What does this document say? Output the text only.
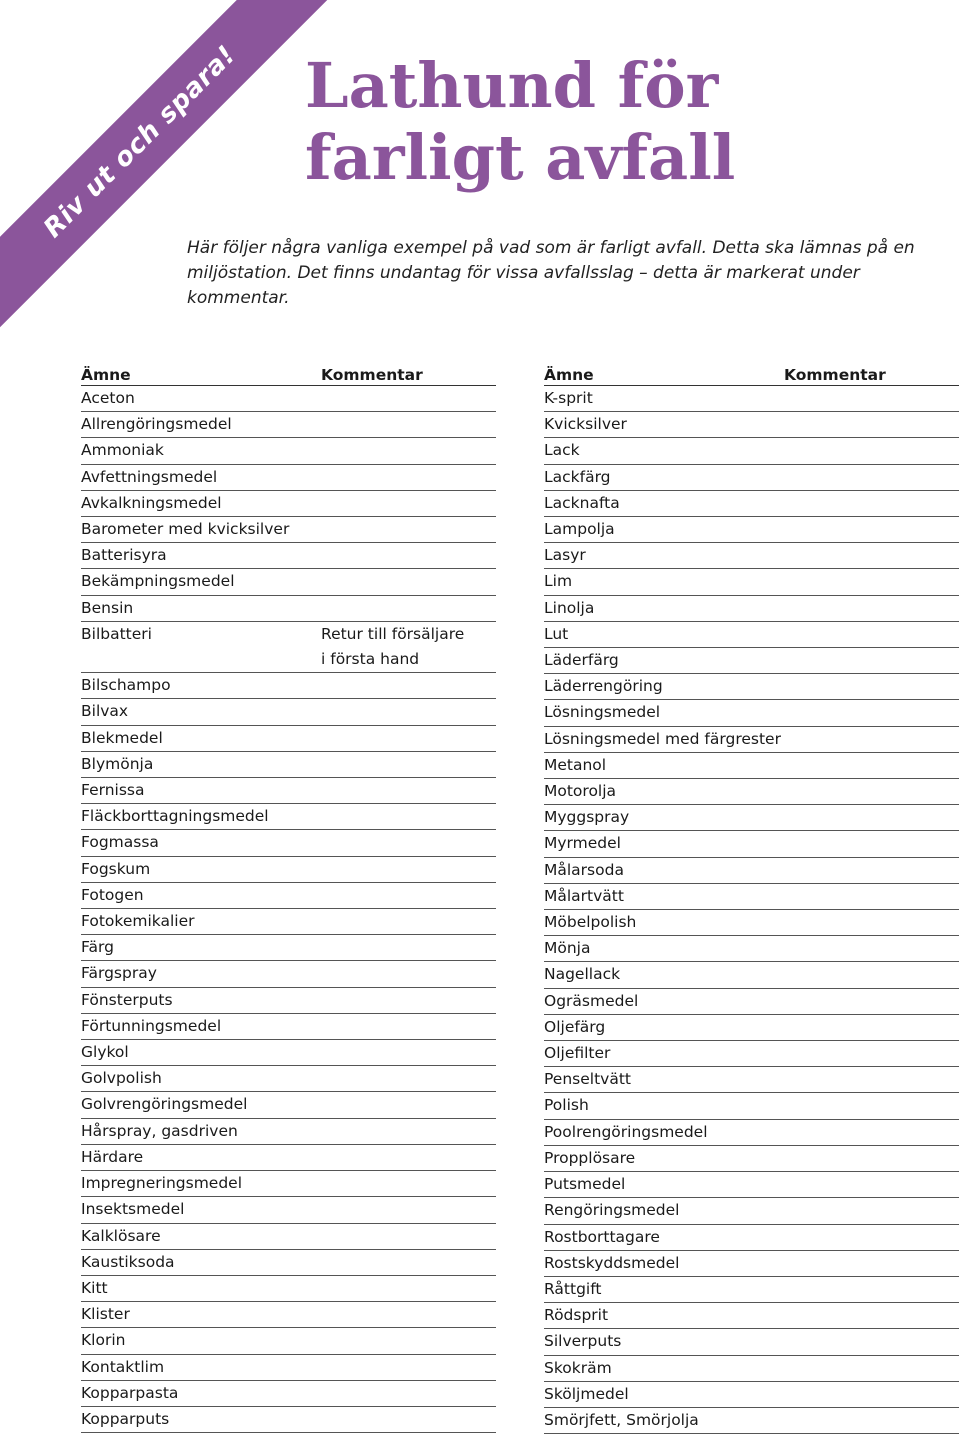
Riv ut och spara! Lathund för
farligt avfall
Här följer några vanliga exempel på vad som är farligt avfall. Detta ska lämnas på en miljöstation. Det finns undantag för vissa avfallsslag – detta är markerat under kommentar.
Ämne	Kommentar
Aceton
Allrengöringsmedel
Ammoniak
Avfettningsmedel
Avkalkningsmedel
Barometer med kvicksilver
Batterisyra
Bekämpningsmedel
Bensin
Bilbatteri	Retur till försäljare
i första hand
Bilschampo
Bilvax
Blekmedel
Blymönja
Fernissa
Fläckborttagningsmedel
Fogmassa
Fogskum
Fotogen
Fotokemikalier
Färg
Färgspray
Fönsterputs
Förtunningsmedel
Glykol
Golvpolish
Golvrengöringsmedel
Hårspray, gasdriven
Härdare
Impregneringsmedel
Insektsmedel
Kalklösare
Kaustiksoda
Kitt
Klister
Klorin
Kontaktlim
Kopparpasta
Kopparputs
Ämne	Kommentar
K-sprit
Kvicksilver
Lack
Lackfärg
Lacknafta
Lampolja
Lasyr
Lim
Linolja
Lut
Läderfärg
Läderrengöring
Lösningsmedel
Lösningsmedel med färgrester
Metanol
Motorolja
Myggspray
Myrmedel
Målarsoda
Målartvätt
Möbelpolish
Mönja
Nagellack
Ogräsmedel
Oljefärg
Oljefilter
Penseltvätt
Polish
Poolrengöringsmedel
Propplösare
Putsmedel
Rengöringsmedel
Rostborttagare
Rostskyddsmedel
Råttgift
Rödsprit
Silverputs
Skokräm
Sköljmedel
Smörjfett, Smörjolja
